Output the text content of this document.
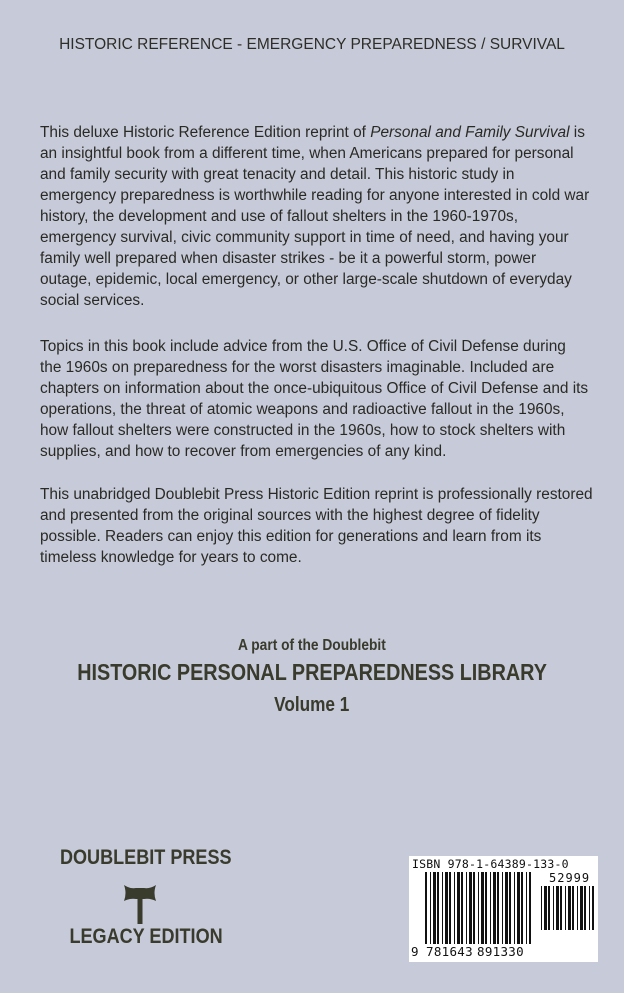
HISTORIC REFERENCE - EMERGENCY PREPAREDNESS / SURVIVAL
This deluxe Historic Reference Edition reprint of Personal and Family Survival is
an insightful book from a different time, when Americans prepared for personal
and family security with great tenacity and detail. This historic study in
emergency preparedness is worthwhile reading for anyone interested in cold war
history, the development and use of fallout shelters in the 1960-1970s,
emergency survival, civic community support in time of need, and having your
family well prepared when disaster strikes - be it a powerful storm, power
outage, epidemic, local emergency, or other large-scale shutdown of everyday
social services.
Topics in this book include advice from the U.S. Office of Civil Defense during
the 1960s on preparedness for the worst disasters imaginable. Included are
chapters on information about the once-ubiquitous Office of Civil Defense and its
operations, the threat of atomic weapons and radioactive fallout in the 1960s,
how fallout shelters were constructed in the 1960s, how to stock shelters with
supplies, and how to recover from emergencies of any kind.
This unabridged Doublebit Press Historic Edition reprint is professionally restored
and presented from the original sources with the highest degree of fidelity
possible. Readers can enjoy this edition for generations and learn from its
timeless knowledge for years to come.
A part of the Doublebit
HISTORIC PERSONAL PREPAREDNESS LIBRARY
Volume 1
DOUBLEBIT PRESS
LEGACY EDITION
ISBN 978-1-64389-133-0
52999
9 781643 891330
